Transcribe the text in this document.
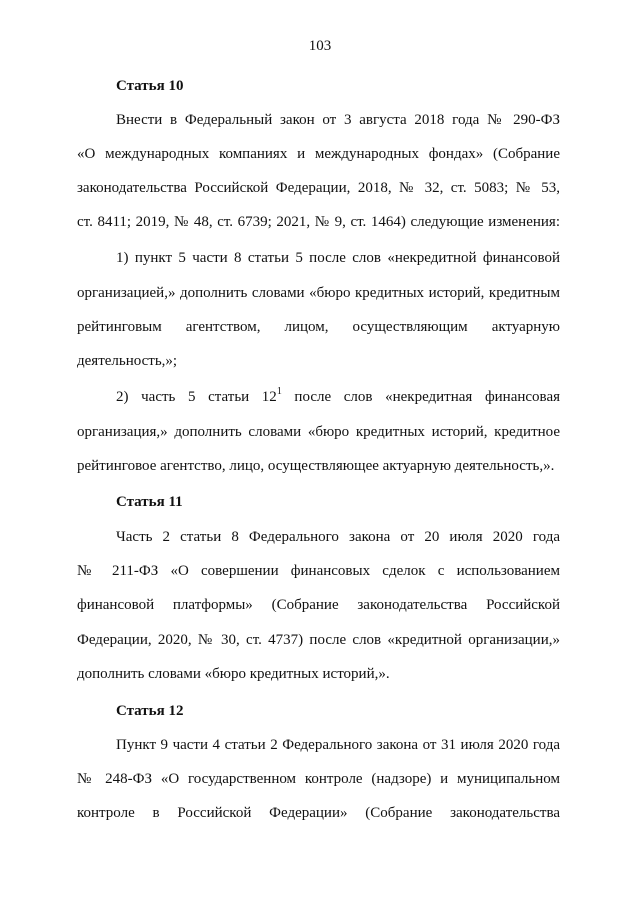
103
Статья 10
Внести в Федеральный закон от 3 августа 2018 года № 290-ФЗ
«О международных компаниях и международных фондах» (Собрание
законодательства Российской Федерации, 2018, № 32, ст. 5083; № 53,
ст. 8411; 2019, № 48, ст. 6739; 2021, № 9, ст. 1464) следующие изменения:
1) пункт 5 части 8 статьи 5 после слов «некредитной финансовой
организацией,» дополнить словами «бюро кредитных историй, кредитным
рейтинговым агентством, лицом, осуществляющим актуарную
деятельность,»;
2) часть 5 статьи $12^1$ после слов «некредитная финансовая
организация,» дополнить словами «бюро кредитных историй, кредитное
рейтинговое агентство, лицо, осуществляющее актуарную деятельность,».
Статья 11
Часть 2 статьи 8 Федерального закона от 20 июля 2020 года
№ 211-ФЗ «О совершении финансовых сделок с использованием
финансовой платформы» (Собрание законодательства Российской
Федерации, 2020, № 30, ст. 4737) после слов «кредитной организации,»
дополнить словами «бюро кредитных историй,».
Статья 12
Пункт 9 части 4 статьи 2 Федерального закона от 31 июля 2020 года
№ 248-ФЗ «О государственном контроле (надзоре) и муниципальном
контроле в Российской Федерации» (Собрание законодательства
